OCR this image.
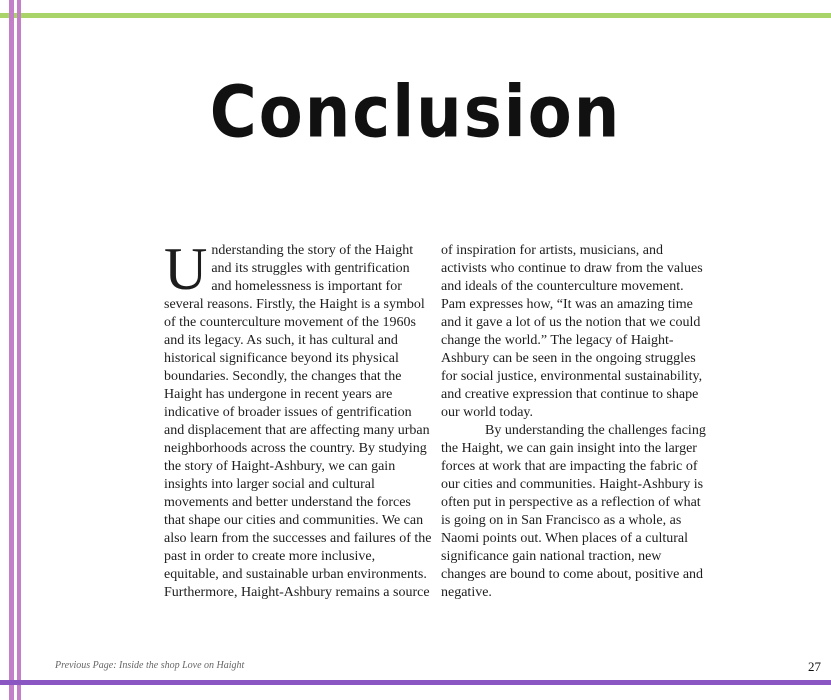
Conclusion

Understanding the story of the Haight and its struggles with gentrification and homelessness is important for several reasons. Firstly, the Haight is a symbol of the counterculture movement of the 1960s and its legacy. As such, it has cultural and historical significance beyond its physical boundaries. Secondly, the changes that the Haight has undergone in recent years are indicative of broader issues of gentrification and displacement that are affecting many urban neighborhoods across the country. By studying the story of Haight-Ashbury, we can gain insights into larger social and cultural movements and better understand the forces that shape our cities and communities. We can also learn from the successes and failures of the past in order to create more inclusive, equitable, and sustainable urban environments. Furthermore, Haight-Ashbury remains a source

of inspiration for artists, musicians, and activists who continue to draw from the values and ideals of the counterculture movement. Pam expresses how, “It was an amazing time and it gave a lot of us the notion that we could change the world.” The legacy of Haight-Ashbury can be seen in the ongoing struggles for social justice, environmental sustainability, and creative expression that continue to shape our world today.

By understanding the challenges facing the Haight, we can gain insight into the larger forces at work that are impacting the fabric of our cities and communities. Haight-Ashbury is often put in perspective as a reflection of what is going on in San Francisco as a whole, as Naomi points out. When places of a cultural significance gain national traction, new changes are bound to come about, positive and negative.

Previous Page: Inside the shop Love on Haight	27
